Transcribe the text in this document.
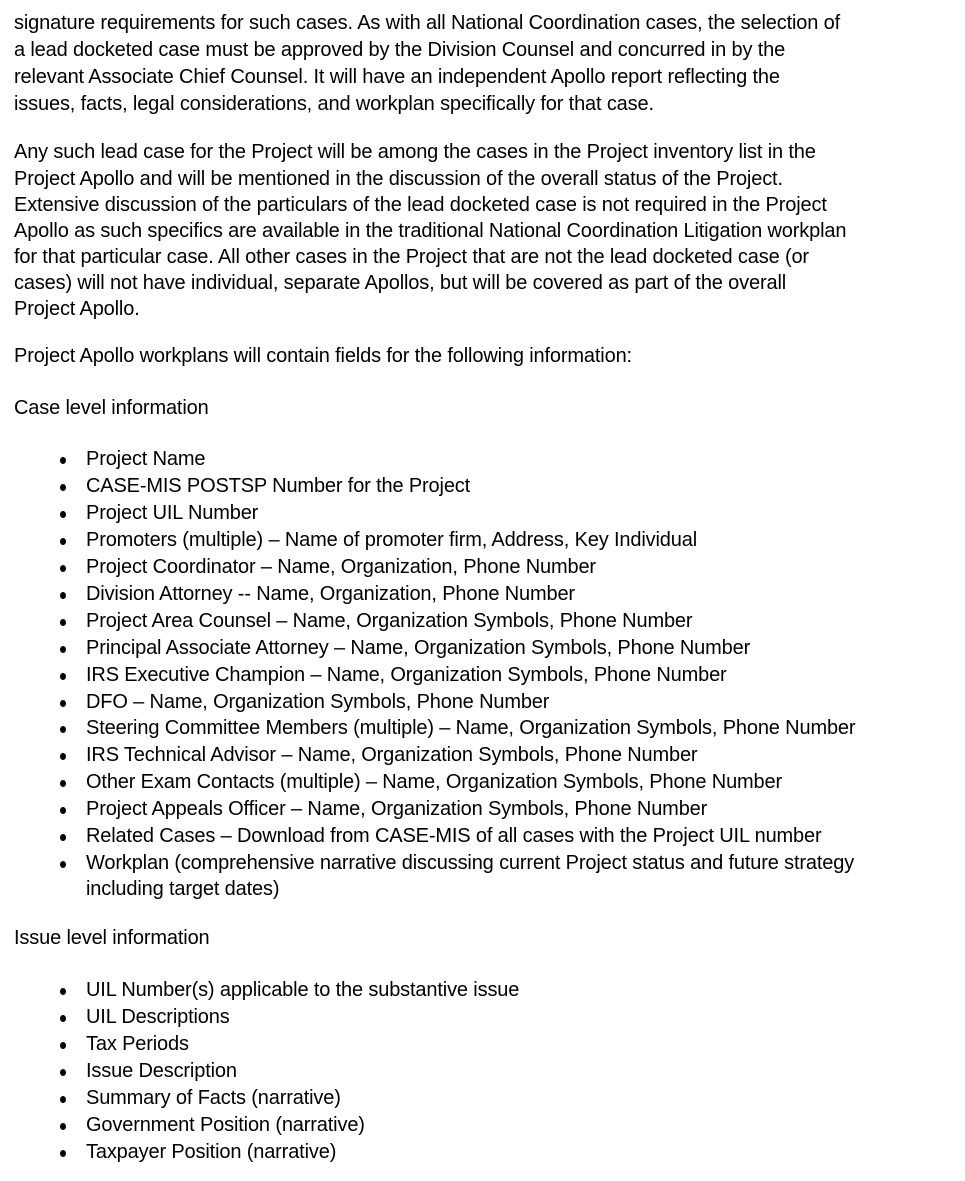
signature requirements for such cases. As with all National Coordination cases, the selection of
a lead docketed case must be approved by the Division Counsel and concurred in by the
relevant Associate Chief Counsel. It will have an independent Apollo report reflecting the
issues, facts, legal considerations, and workplan specifically for that case.
Any such lead case for the Project will be among the cases in the Project inventory list in the
Project Apollo and will be mentioned in the discussion of the overall status of the Project.
Extensive discussion of the particulars of the lead docketed case is not required in the Project
Apollo as such specifics are available in the traditional National Coordination Litigation workplan
for that particular case. All other cases in the Project that are not the lead docketed case (or
cases) will not have individual, separate Apollos, but will be covered as part of the overall
Project Apollo.
Project Apollo workplans will contain fields for the following information:
Case level information
Project Name
CASE-MIS POSTSP Number for the Project
Project UIL Number
Promoters (multiple) – Name of promoter firm, Address, Key Individual
Project Coordinator – Name, Organization, Phone Number
Division Attorney -- Name, Organization, Phone Number
Project Area Counsel – Name, Organization Symbols, Phone Number
Principal Associate Attorney – Name, Organization Symbols, Phone Number
IRS Executive Champion – Name, Organization Symbols, Phone Number
DFO – Name, Organization Symbols, Phone Number
Steering Committee Members (multiple) – Name, Organization Symbols, Phone Number
IRS Technical Advisor – Name, Organization Symbols, Phone Number
Other Exam Contacts (multiple) – Name, Organization Symbols, Phone Number
Project Appeals Officer – Name, Organization Symbols, Phone Number
Related Cases – Download from CASE-MIS of all cases with the Project UIL number
Workplan (comprehensive narrative discussing current Project status and future strategy
including target dates)
Issue level information
UIL Number(s) applicable to the substantive issue
UIL Descriptions
Tax Periods
Issue Description
Summary of Facts (narrative)
Government Position (narrative)
Taxpayer Position (narrative)
